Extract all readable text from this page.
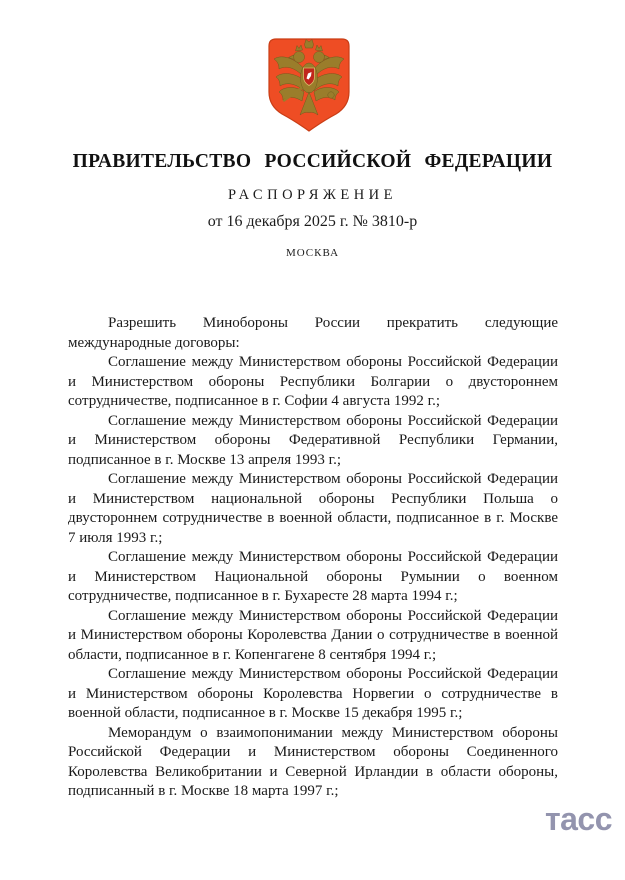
ПРАВИТЕЛЬСТВО РОССИЙСКОЙ ФЕДЕРАЦИИ
РАСПОРЯЖЕНИЕ
от 16 декабря 2025 г. № 3810-р
МОСКВА

Разрешить Минобороны России прекратить следующие международные договоры:

Соглашение между Министерством обороны Российской Федерации и Министерством обороны Республики Болгарии о двустороннем сотрудничестве, подписанное в г. Софии 4 августа 1992 г.;

Соглашение между Министерством обороны Российской Федерации и Министерством обороны Федеративной Республики Германии, подписанное в г. Москве 13 апреля 1993 г.;

Соглашение между Министерством обороны Российской Федерации и Министерством национальной обороны Республики Польша о двустороннем сотрудничестве в военной области, подписанное в г. Москве 7 июля 1993 г.;

Соглашение между Министерством обороны Российской Федерации и Министерством Национальной обороны Румынии о военном сотрудничестве, подписанное в г. Бухаресте 28 марта 1994 г.;

Соглашение между Министерством обороны Российской Федерации и Министерством обороны Королевства Дании о сотрудничестве в военной области, подписанное в г. Копенгагене 8 сентября 1994 г.;

Соглашение между Министерством обороны Российской Федерации и Министерством обороны Королевства Норвегии о сотрудничестве в военной области, подписанное в г. Москве 15 декабря 1995 г.;

Меморандум о взаимопонимании между Министерством обороны Российской Федерации и Министерством обороны Соединенного Королевства Великобритании и Северной Ирландии в области обороны, подписанный в г. Москве 18 марта 1997 г.;

тасс
